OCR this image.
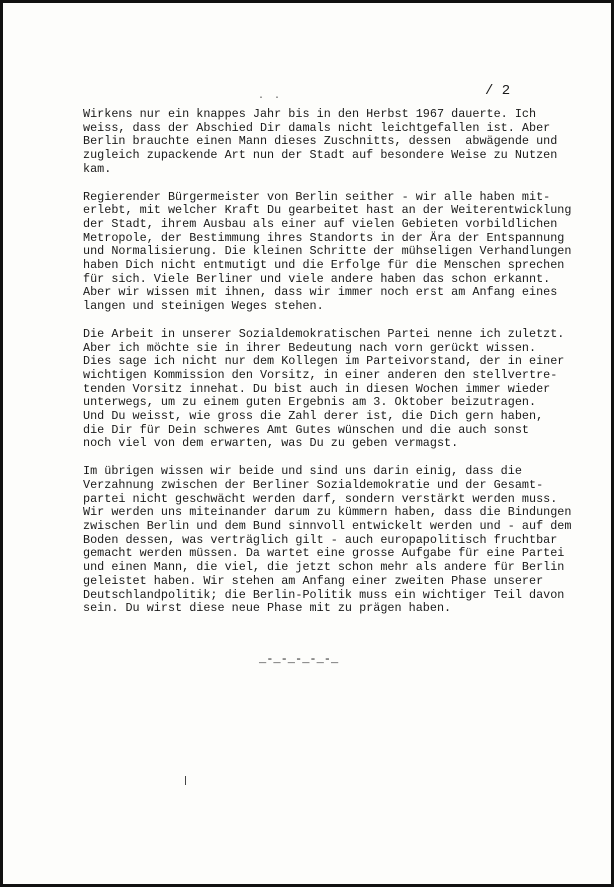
. .	/ 2

Wirkens nur ein knappes Jahr bis in den Herbst 1967 dauerte. Ich
weiss, dass der Abschied Dir damals nicht leichtgefallen ist. Aber
Berlin brauchte einen Mann dieses Zuschnitts, dessen  abwägende und
zugleich zupackende Art nun der Stadt auf besondere Weise zu Nutzen
kam.

Regierender Bürgermeister von Berlin seither - wir alle haben mit-
erlebt, mit welcher Kraft Du gearbeitet hast an der Weiterentwicklung
der Stadt, ihrem Ausbau als einer auf vielen Gebieten vorbildlichen
Metropole, der Bestimmung ihres Standorts in der Ära der Entspannung
und Normalisierung. Die kleinen Schritte der mühseligen Verhandlungen
haben Dich nicht entmutigt und die Erfolge für die Menschen sprechen
für sich. Viele Berliner und viele andere haben das schon erkannt.
Aber wir wissen mit ihnen, dass wir immer noch erst am Anfang eines
langen und steinigen Weges stehen.

Die Arbeit in unserer Sozialdemokratischen Partei nenne ich zuletzt.
Aber ich möchte sie in ihrer Bedeutung nach vorn gerückt wissen.
Dies sage ich nicht nur dem Kollegen im Parteivorstand, der in einer
wichtigen Kommission den Vorsitz, in einer anderen den stellvertre-
tenden Vorsitz innehat. Du bist auch in diesen Wochen immer wieder
unterwegs, um zu einem guten Ergebnis am 3. Oktober beizutragen.
Und Du weisst, wie gross die Zahl derer ist, die Dich gern haben,
die Dir für Dein schweres Amt Gutes wünschen und die auch sonst
noch viel von dem erwarten, was Du zu geben vermagst.

Im übrigen wissen wir beide und sind uns darin einig, dass die
Verzahnung zwischen der Berliner Sozialdemokratie und der Gesamt-
partei nicht geschwächt werden darf, sondern verstärkt werden muss.
Wir werden uns miteinander darum zu kümmern haben, dass die Bindungen
zwischen Berlin und dem Bund sinnvoll entwickelt werden und - auf dem
Boden dessen, was verträglich gilt - auch europapolitisch fruchtbar
gemacht werden müssen. Da wartet eine grosse Aufgabe für eine Partei
und einen Mann, die viel, die jetzt schon mehr als andere für Berlin
geleistet haben. Wir stehen am Anfang einer zweiten Phase unserer
Deutschlandpolitik; die Berlin-Politik muss ein wichtiger Teil davon
sein. Du wirst diese neue Phase mit zu prägen haben.

_-_-_-_-_-_
